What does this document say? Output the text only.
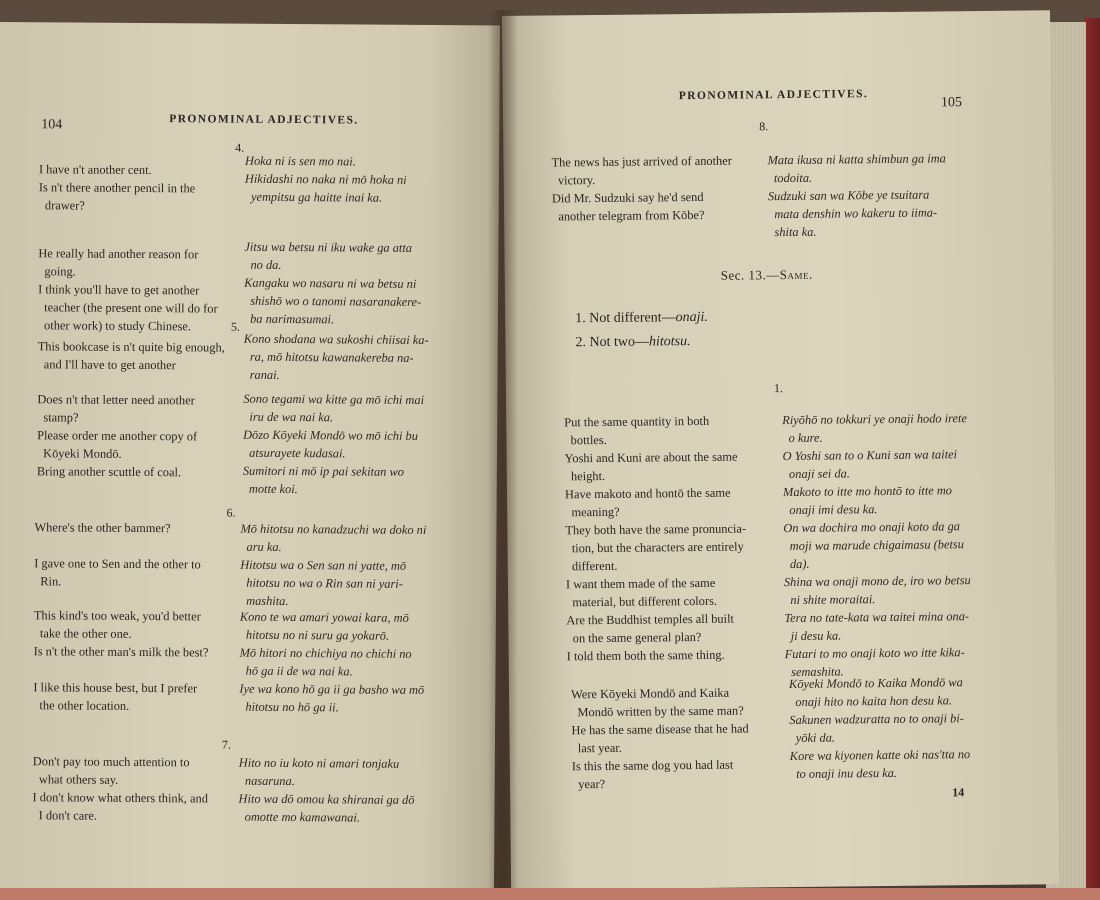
104	PRONOMINAL ADJECTIVES.
4.
I have n't another cent.
Is n't there another pencil in the
drawer?
Hoka ni is sen mo nai.
Hikidashi no naka ni mō hoka ni
yempitsu ga haitte inai ka.
He really had another reason for
going.
I think you'll have to get another
teacher (the present one will do for
other work) to study Chinese.
Jitsu wa betsu ni iku wake ga atta
no da.
Kangaku wo nasaru ni wa betsu ni
shishō wo o tanomi nasaranakere-
ba narimasumai.
5.
This bookcase is n't quite big enough,
and I'll have to get another
Kono shodana wa sukoshi chiisai ka-
ra, mō hitotsu kawanakereba na-
ranai.
Does n't that letter need another
stamp?
Please order me another copy of
Kōyeki Mondō.
Bring another scuttle of coal.
Sono tegami wa kitte ga mō ichi mai
iru de wa nai ka.
Dōzo Kōyeki Mondō wo mō ichi bu
atsurayete kudasai.
Sumitori ni mō ip pai sekitan wo
motte koi.
6.
Where's the other bammer?	Mō hitotsu no kanadzuchi wa doko ni
aru ka.
I gave one to Sen and the other to
Rin.
Hitotsu wa o Sen san ni yatte, mō
hitotsu no wa o Rin san ni yari-
mashita.
This kind's too weak, you'd better
take the other one.
Is n't the other man's milk the best?
Kono te wa amari yowai kara, mō
hitotsu no ni suru ga yokarō.
Mō hitori no chichiya no chichi no
hō ga ii de wa nai ka.
I like this house best, but I prefer
the other location.
Iye wa kono hō ga ii ga basho wa mō
hitotsu no hō ga ii.
7.
Don't pay too much attention to
what others say.
I don't know what others think, and
I don't care.
Hito no iu koto ni amari tonjaku
nasaruna.
Hito wa dō omou ka shiranai ga dō
omotte mo kamawanai.
PRONOMINAL ADJECTIVES.
105
8.
The news has just arrived of another
victory.
Did Mr. Sudzuki say he'd send
another telegram from Kōbe?
Mata ikusa ni katta shimbun ga ima
todoita.
Sudzuki san wa Kōbe ye tsuitara
mata denshin wo kakeru to iima-
shita ka.
Sec. 13.—Same.
1. Not different—onaji.
2. Not two—hitotsu.
1.
Put the same quantity in both
bottles.
Yoshi and Kuni are about the same
height.
Have makoto and hontō the same
meaning?
They both have the same pronuncia-
tion, but the characters are entirely
different.
I want them made of the same
material, but different colors.
Are the Buddhist temples all built
on the same general plan?
I told them both the same thing.
Riyōhō no tokkuri ye onaji hodo irete
o kure.
O Yoshi san to o Kuni san wa taitei
onaji sei da.
Makoto to itte mo hontō to itte mo
onaji imi desu ka.
On wa dochira mo onaji koto da ga
moji wa marude chigaimasu (betsu
da).
Shina wa onaji mono de, iro wo betsu
ni shite moraitai.
Tera no tate-kata wa taitei mina ona-
ji desu ka.
Futari to mo onaji koto wo itte kika-
semashita.
Were Kōyeki Mondō and Kaika
Mondō written by the same man?
He has the same disease that he had
last year.
Is this the same dog you had last
year?
Kōyeki Mondō to Kaika Mondō wa
onaji hito no kaita hon desu ka.
Sakunen wadzuratta no to onaji bi-
yōki da.
Kore wa kiyonen katte oki nas'tta no
to onaji inu desu ka.
14
